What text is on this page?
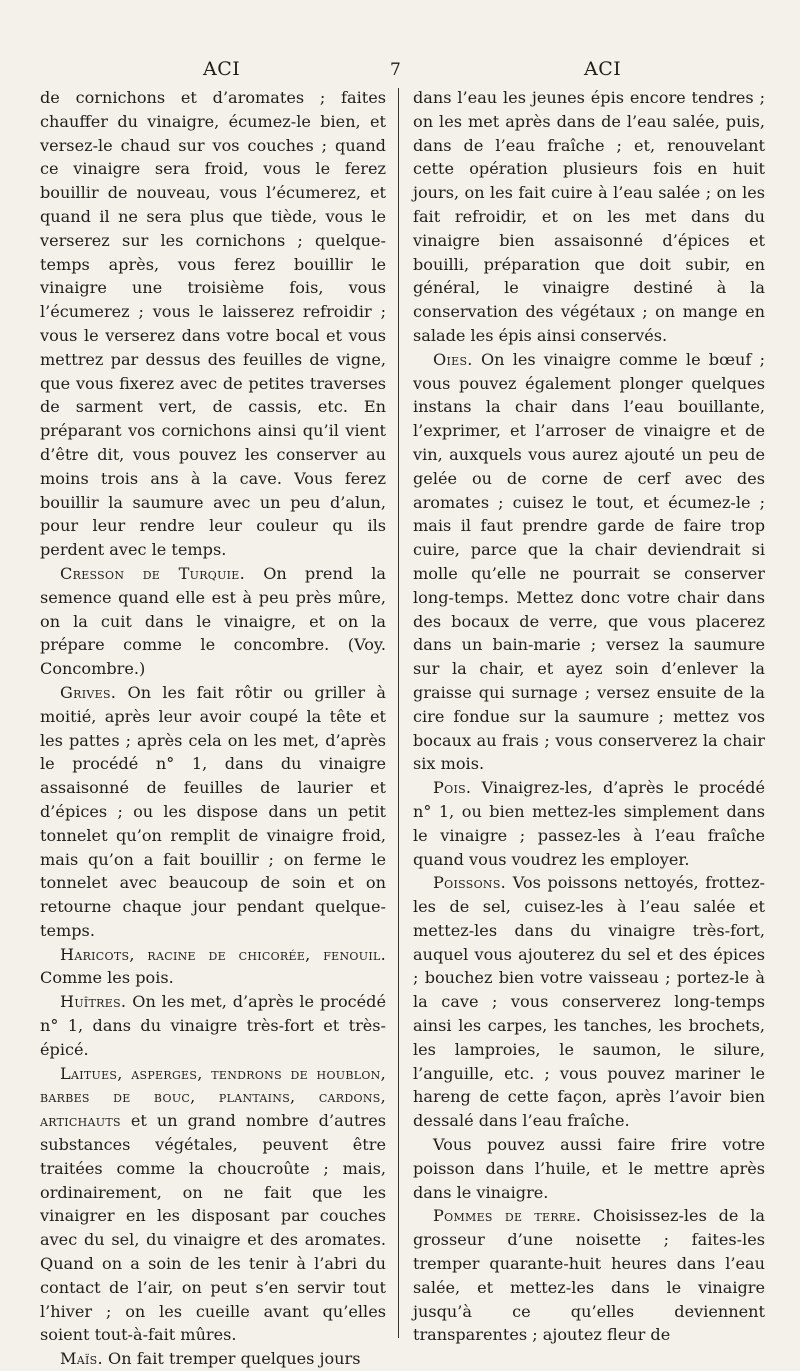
ACI	7	ACI

de cornichons et d’aromates ; faites chauffer du vinaigre, écumez-le bien, et versez-le chaud sur vos couches ; quand ce vinaigre sera froid, vous le ferez bouillir de nouveau, vous l’écumerez, et quand il ne sera plus que tiède, vous le verserez sur les cornichons ; quelque-temps après, vous ferez bouillir le vinaigre une troisième fois, vous l’écumerez ; vous le laisserez refroidir ; vous le verserez dans votre bocal et vous mettrez par dessus des feuilles de vigne, que vous fixerez avec de petites traverses de sarment vert, de cassis, etc. En préparant vos cornichons ainsi qu’il vient d’être dit, vous pouvez les conserver au moins trois ans à la cave. Vous ferez bouillir la saumure avec un peu d’alun, pour leur rendre leur couleur qu ils perdent avec le temps.

Cresson de Turquie. On prend la semence quand elle est à peu près mûre, on la cuit dans le vinaigre, et on la prépare comme le concombre. (Voy. Concombre.)

Grives. On les fait rôtir ou griller à moitié, après leur avoir coupé la tête et les pattes ; après cela on les met, d’après le procédé n° 1, dans du vinaigre assaisonné de feuilles de laurier et d’épices ; ou les dispose dans un petit tonnelet qu’on remplit de vinaigre froid, mais qu’on a fait bouillir ; on ferme le tonnelet avec beaucoup de soin et on retourne chaque jour pendant quelque-temps.

Haricots, racine de chicorée, fenouil. Comme les pois.

Huîtres. On les met, d’après le procédé n° 1, dans du vinaigre très-fort et très-épicé.

Laitues, asperges, tendrons de houblon, barbes de bouc, plantains, cardons, artichauts et un grand nombre d’autres substances végétales, peuvent être traitées comme la choucroûte ; mais, ordinairement, on ne fait que les vinaigrer en les disposant par couches avec du sel, du vinaigre et des aromates. Quand on a soin de les tenir à l’abri du contact de l’air, on peut s’en servir tout l’hiver ; on les cueille avant qu’elles soient tout-à-fait mûres.

Maïs. On fait tremper quelques jours

dans l’eau les jeunes épis encore tendres ; on les met après dans de l’eau salée, puis, dans de l’eau fraîche ; et, renouvelant cette opération plusieurs fois en huit jours, on les fait cuire à l’eau salée ; on les fait refroidir, et on les met dans du vinaigre bien assaisonné d’épices et bouilli, préparation que doit subir, en général, le vinaigre destiné à la conservation des végétaux ; on mange en salade les épis ainsi conservés.

Oies. On les vinaigre comme le bœuf ; vous pouvez également plonger quelques instans la chair dans l’eau bouillante, l’exprimer, et l’arroser de vinaigre et de vin, auxquels vous aurez ajouté un peu de gelée ou de corne de cerf avec des aromates ; cuisez le tout, et écumez-le ; mais il faut prendre garde de faire trop cuire, parce que la chair deviendrait si molle qu’elle ne pourrait se conserver long-temps. Mettez donc votre chair dans des bocaux de verre, que vous placerez dans un bain-marie ; versez la saumure sur la chair, et ayez soin d’enlever la graisse qui surnage ; versez ensuite de la cire fondue sur la saumure ; mettez vos bocaux au frais ; vous conserverez la chair six mois.

Pois. Vinaigrez-les, d’après le procédé n° 1, ou bien mettez-les simplement dans le vinaigre ; passez-les à l’eau fraîche quand vous voudrez les employer.

Poissons. Vos poissons nettoyés, frottez-les de sel, cuisez-les à l’eau salée et mettez-les dans du vinaigre très-fort, auquel vous ajouterez du sel et des épices ; bouchez bien votre vaisseau ; portez-le à la cave ; vous conserverez long-temps ainsi les carpes, les tanches, les brochets, les lamproies, le saumon, le silure, l’anguille, etc. ; vous pouvez mariner le hareng de cette façon, après l’avoir bien dessalé dans l’eau fraîche.

Vous pouvez aussi faire frire votre poisson dans l’huile, et le mettre après dans le vinaigre.

Pommes de terre. Choisissez-les de la grosseur d’une noisette ; faites-les tremper quarante-huit heures dans l’eau salée, et mettez-les dans le vinaigre jusqu’à ce qu’elles deviennent transparentes ; ajoutez fleur de
